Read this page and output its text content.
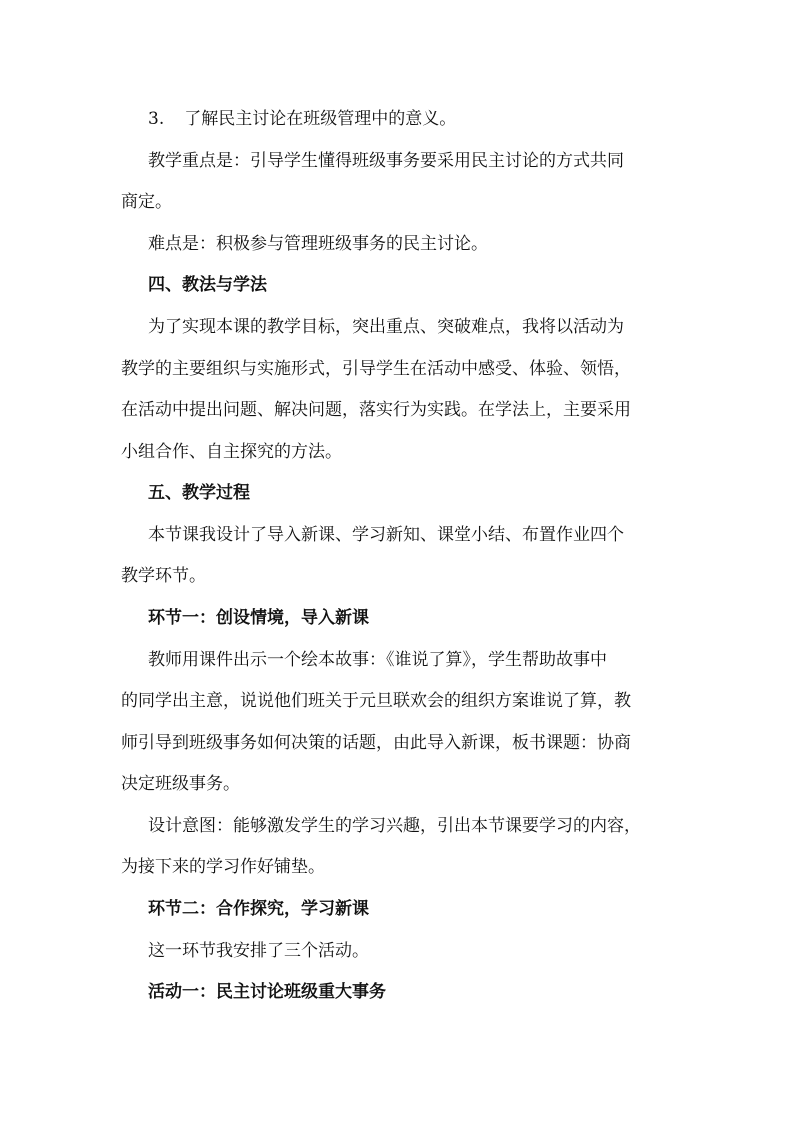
3. 了解民主讨论在班级管理中的意义。
教学重点是：引导学生懂得班级事务要采用民主讨论的方式共同
商定。
难点是：积极参与管理班级事务的民主讨论。
四、教法与学法
为了实现本课的教学目标，突出重点、突破难点，我将以活动为
教学的主要组织与实施形式，引导学生在活动中感受、体验、领悟，
在活动中提出问题、解决问题，落实行为实践。在学法上，主要采用
小组合作、自主探究的方法。
五、教学过程
本节课我设计了导入新课、学习新知、课堂小结、布置作业四个
教学环节。
环节一：创设情境，导入新课
教师用课件出示一个绘本故事：《谁说了算》，学生帮助故事中
的同学出主意，说说他们班关于元旦联欢会的组织方案谁说了算，教
师引导到班级事务如何决策的话题，由此导入新课，板书课题：协商
决定班级事务。
设计意图：能够激发学生的学习兴趣，引出本节课要学习的内容，
为接下来的学习作好铺垫。
环节二：合作探究，学习新课
这一环节我安排了三个活动。
活动一：民主讨论班级重大事务
